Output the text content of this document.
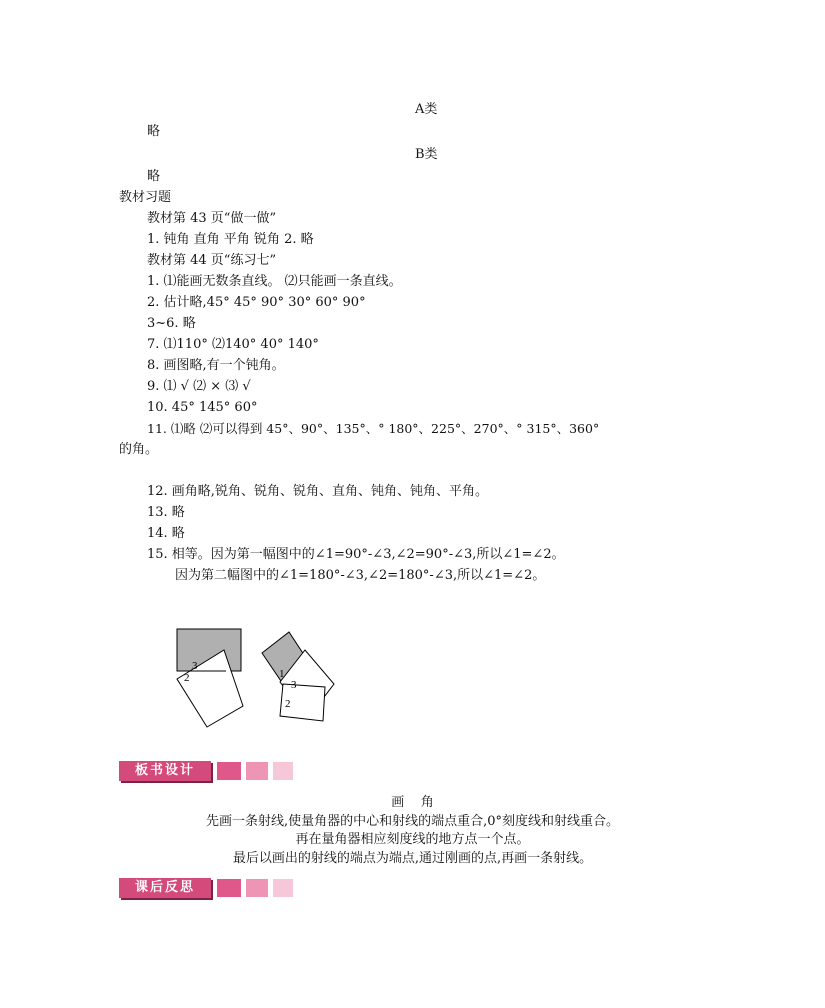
A类
略
B类
略
教材习题
教材第 43 页“做一做”
1. 钝角 直角 平角 锐角 2. 略
教材第 44 页“练习七”
1. ⑴能画无数条直线。 ⑵只能画一条直线。
2. 估计略,45° 45° 90° 30° 60° 90°
3~6. 略
7. ⑴110° ⑵140° 40° 140°
8. 画图略,有一个钝角。
9. ⑴ √ ⑵ × ⑶ √
10. 45° 145° 60°
11. ⑴略 ⑵可以得到 45°、90°、135°、° 180°、225°、270°、° 315°、360°
的角。
12. 画角略,锐角、锐角、锐角、直角、钝角、钝角、平角。
13. 略
14. 略
15. 相等。因为第一幅图中的∠1=90°-∠3,∠2=90°-∠3,所以∠1=∠2。
因为第二幅图中的∠1=180°-∠3,∠2=180°-∠3,所以∠1=∠2。
3
2	1
3
2
板书设计
画    角
先画一条射线,使量角器的中心和射线的端点重合,0°刻度线和射线重合。
再在量角器相应刻度线的地方点一个点。
最后以画出的射线的端点为端点,通过刚画的点,再画一条射线。
课后反思
